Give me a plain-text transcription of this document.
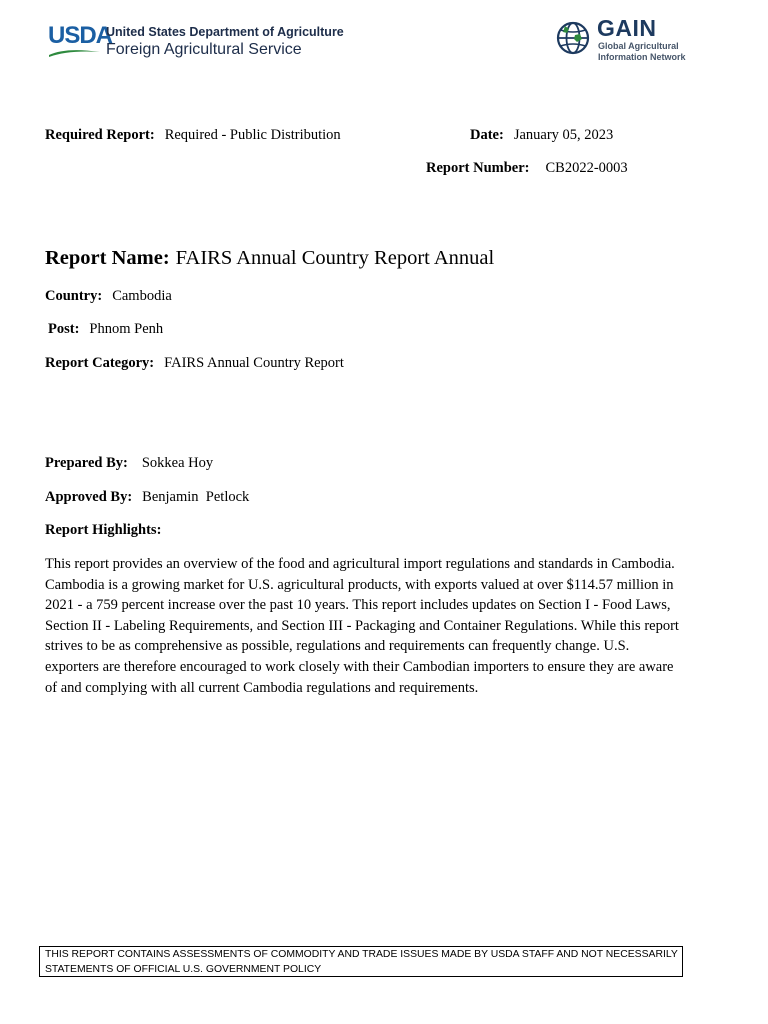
USDA
United States Department of Agriculture
Foreign Agricultural Service
GAIN
Global Agricultural
Information Network
Required Report: Required - Public Distribution	Date: January 05, 2023
Report Number: CB2022-0003
Report Name: FAIRS Annual Country Report Annual
Country: Cambodia
Post: Phnom Penh
Report Category: FAIRS Annual Country Report
Prepared By: Sokkea Hoy
Approved By: Benjamin  Petlock
Report Highlights:
This report provides an overview of the food and agricultural import regulations and standards in Cambodia. Cambodia is a growing market for U.S. agricultural products, with exports valued at over $114.57 million in 2021 - a 759 percent increase over the past 10 years. This report includes updates on Section I - Food Laws, Section II - Labeling Requirements, and Section III - Packaging and Container Regulations. While this report strives to be as comprehensive as possible, regulations and requirements can frequently change. U.S. exporters are therefore encouraged to work closely with their Cambodian importers to ensure they are aware of and complying with all current Cambodia regulations and requirements.
THIS REPORT CONTAINS ASSESSMENTS OF COMMODITY AND TRADE ISSUES MADE BY USDA STAFF AND NOT NECESSARILY STATEMENTS OF OFFICIAL U.S. GOVERNMENT POLICY
